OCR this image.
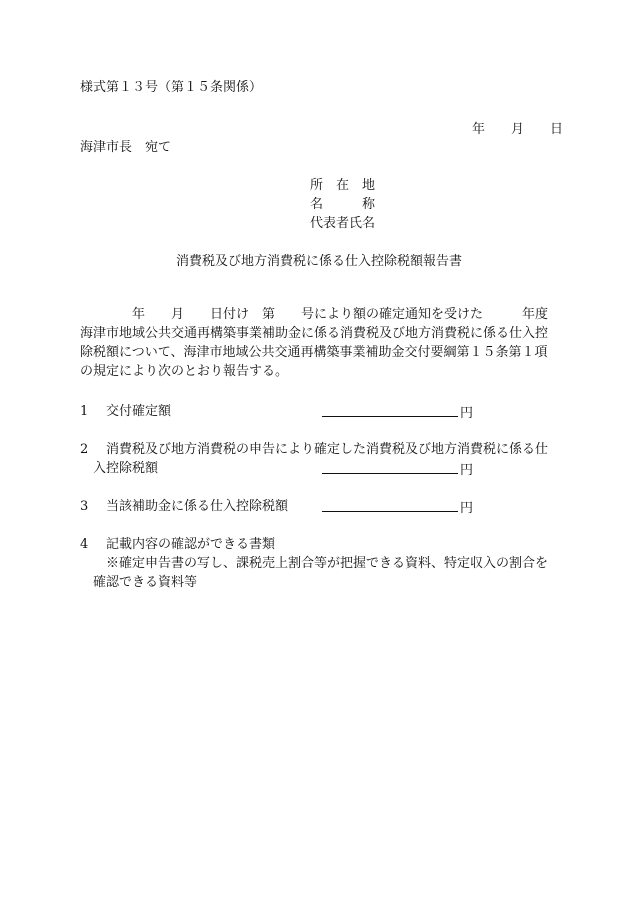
様式第１３号（第１５条関係）
年　　月　　日
海津市長　宛て
所　在　地
名　　　称
代表者氏名
消費税及び地方消費税に係る仕入控除税額報告書
　　　　年　　月　　日付け　第　　号により額の確定通知を受けた　　　年度
海津市地域公共交通再構築事業補助金に係る消費税及び地方消費税に係る仕入控
除税額について、海津市地域公共交通再構築事業補助金交付要綱第１５条第１項
の規定により次のとおり報告する。
1 交付確定額	円
2 消費税及び地方消費税の申告により確定した消費税及び地方消費税に係る仕
入控除税額	円
3 当該補助金に係る仕入控除税額	円
4 記載内容の確認ができる書類
※確定申告書の写し、課税売上割合等が把握できる資料、特定収入の割合を
確認できる資料等
